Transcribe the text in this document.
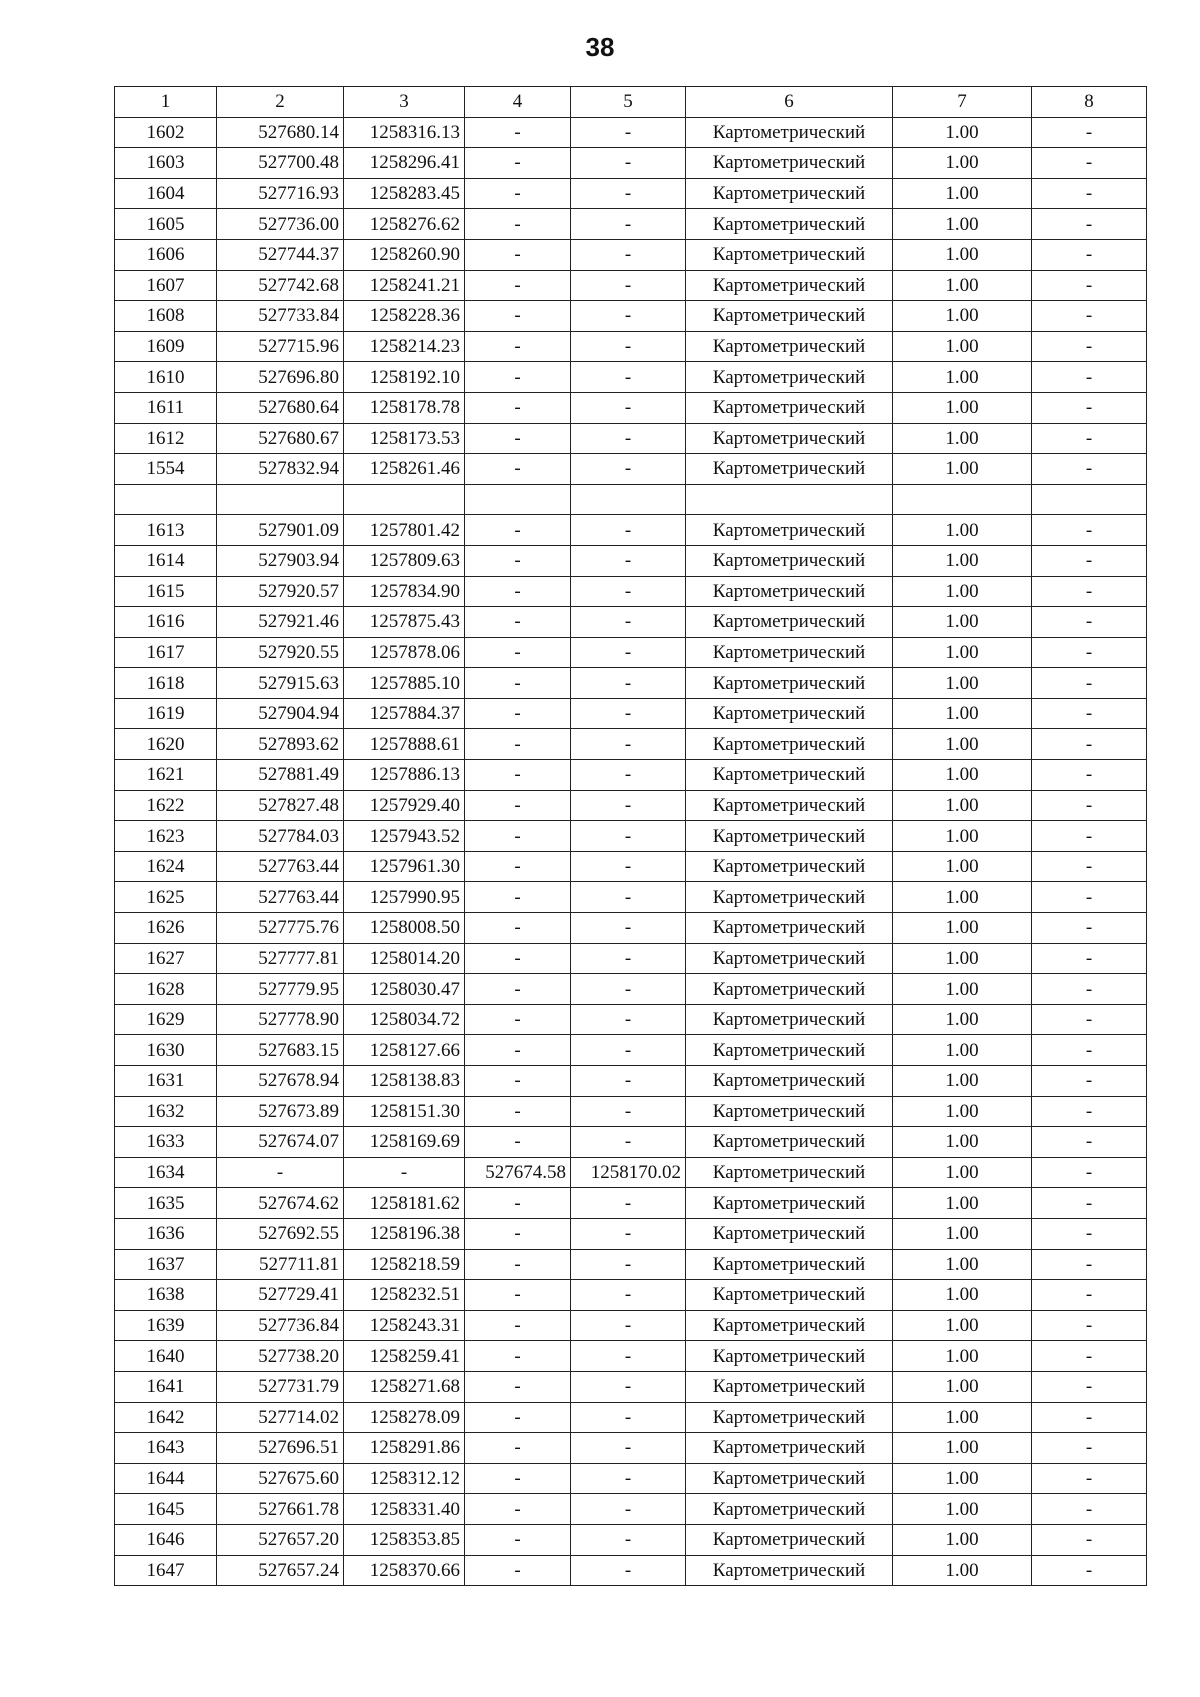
38
1	2	3	4	5	6	7	8
1602	527680.14	1258316.13	-	-	Картометрический	1.00	-
1603	527700.48	1258296.41	-	-	Картометрический	1.00	-
1604	527716.93	1258283.45	-	-	Картометрический	1.00	-
1605	527736.00	1258276.62	-	-	Картометрический	1.00	-
1606	527744.37	1258260.90	-	-	Картометрический	1.00	-
1607	527742.68	1258241.21	-	-	Картометрический	1.00	-
1608	527733.84	1258228.36	-	-	Картометрический	1.00	-
1609	527715.96	1258214.23	-	-	Картометрический	1.00	-
1610	527696.80	1258192.10	-	-	Картометрический	1.00	-
1611	527680.64	1258178.78	-	-	Картометрический	1.00	-
1612	527680.67	1258173.53	-	-	Картометрический	1.00	-
1554	527832.94	1258261.46	-	-	Картометрический	1.00	-

1613	527901.09	1257801.42	-	-	Картометрический	1.00	-
1614	527903.94	1257809.63	-	-	Картометрический	1.00	-
1615	527920.57	1257834.90	-	-	Картометрический	1.00	-
1616	527921.46	1257875.43	-	-	Картометрический	1.00	-
1617	527920.55	1257878.06	-	-	Картометрический	1.00	-
1618	527915.63	1257885.10	-	-	Картометрический	1.00	-
1619	527904.94	1257884.37	-	-	Картометрический	1.00	-
1620	527893.62	1257888.61	-	-	Картометрический	1.00	-
1621	527881.49	1257886.13	-	-	Картометрический	1.00	-
1622	527827.48	1257929.40	-	-	Картометрический	1.00	-
1623	527784.03	1257943.52	-	-	Картометрический	1.00	-
1624	527763.44	1257961.30	-	-	Картометрический	1.00	-
1625	527763.44	1257990.95	-	-	Картометрический	1.00	-
1626	527775.76	1258008.50	-	-	Картометрический	1.00	-
1627	527777.81	1258014.20	-	-	Картометрический	1.00	-
1628	527779.95	1258030.47	-	-	Картометрический	1.00	-
1629	527778.90	1258034.72	-	-	Картометрический	1.00	-
1630	527683.15	1258127.66	-	-	Картометрический	1.00	-
1631	527678.94	1258138.83	-	-	Картометрический	1.00	-
1632	527673.89	1258151.30	-	-	Картометрический	1.00	-
1633	527674.07	1258169.69	-	-	Картометрический	1.00	-
1634	-	-	527674.58	1258170.02	Картометрический	1.00	-
1635	527674.62	1258181.62	-	-	Картометрический	1.00	-
1636	527692.55	1258196.38	-	-	Картометрический	1.00	-
1637	527711.81	1258218.59	-	-	Картометрический	1.00	-
1638	527729.41	1258232.51	-	-	Картометрический	1.00	-
1639	527736.84	1258243.31	-	-	Картометрический	1.00	-
1640	527738.20	1258259.41	-	-	Картометрический	1.00	-
1641	527731.79	1258271.68	-	-	Картометрический	1.00	-
1642	527714.02	1258278.09	-	-	Картометрический	1.00	-
1643	527696.51	1258291.86	-	-	Картометрический	1.00	-
1644	527675.60	1258312.12	-	-	Картометрический	1.00	-
1645	527661.78	1258331.40	-	-	Картометрический	1.00	-
1646	527657.20	1258353.85	-	-	Картометрический	1.00	-
1647	527657.24	1258370.66	-	-	Картометрический	1.00	-
